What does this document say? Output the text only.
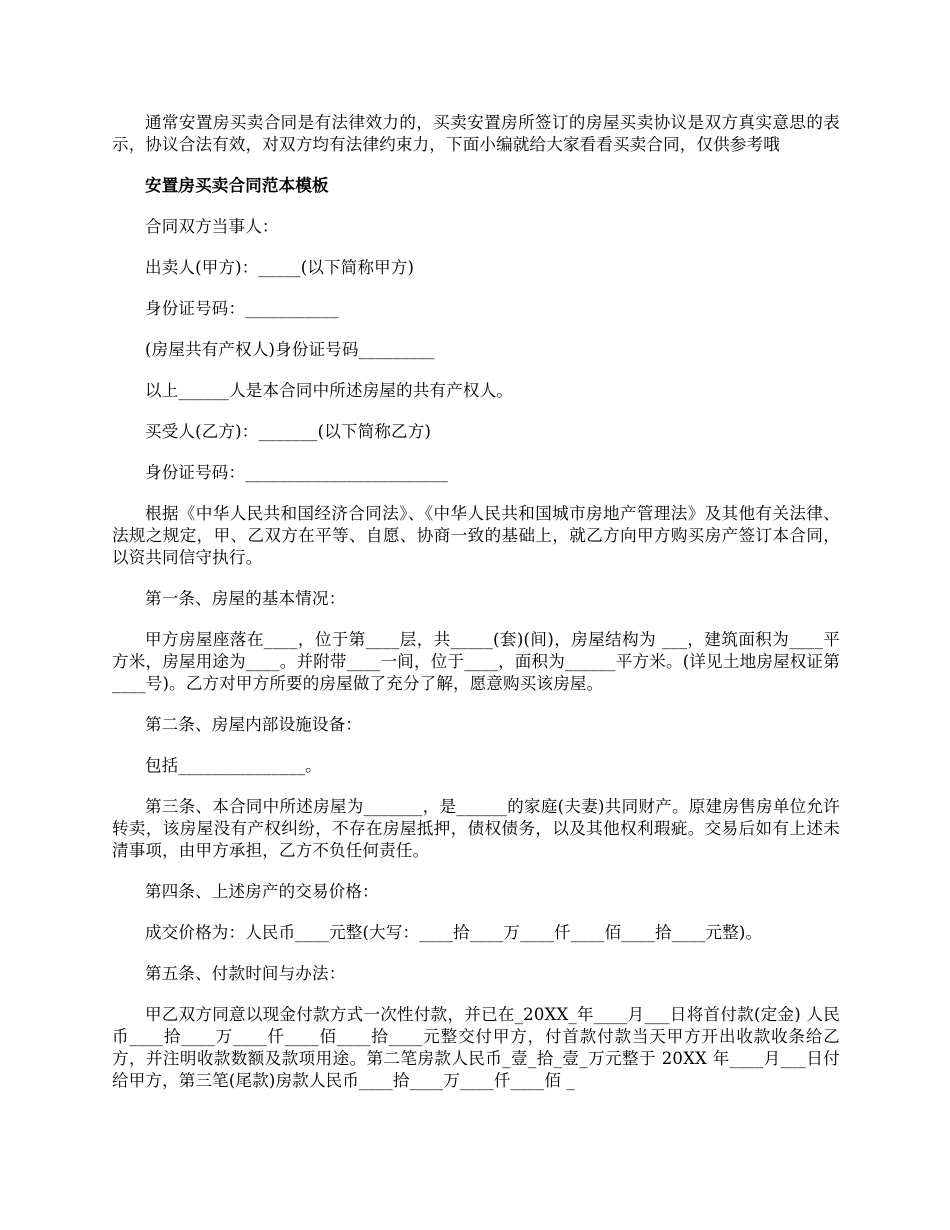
通常安置房买卖合同是有法律效力的，买卖安置房所签订的房屋买卖协议是双方真实意思的表示，协议合法有效，对双方均有法律约束力，下面小编就给大家看看买卖合同，仅供参考哦

安置房买卖合同范本模板

合同双方当事人：

出卖人(甲方)：_____(以下简称甲方)

身份证号码：___________

(房屋共有产权人)身份证号码_________

以上______人是本合同中所述房屋的共有产权人。

买受人(乙方)：_______(以下简称乙方)

身份证号码：________________________

根据《中华人民共和国经济合同法》、《中华人民共和国城市房地产管理法》及其他有关法律、法规之规定，甲、乙双方在平等、自愿、协商一致的基础上，就乙方向甲方购买房产签订本合同，以资共同信守执行。

第一条、房屋的基本情况：

甲方房屋座落在____，位于第____层，共_____(套)(间)，房屋结构为 ___，建筑面积为____平方米，房屋用途为____。并附带____一间，位于____，面积为______平方米。(详见土地房屋权证第____号)。乙方对甲方所要的房屋做了充分了解，愿意购买该房屋。

第二条、房屋内部设施设备：

包括_______________。

第三条、本合同中所述房屋为_______，是______的家庭(夫妻)共同财产。原建房售房单位允许转卖，该房屋没有产权纠纷，不存在房屋抵押，债权债务，以及其他权利瑕疵。交易后如有上述未清事项，由甲方承担，乙方不负任何责任。

第四条、上述房产的交易价格：

成交价格为：人民币____元整(大写：____拾____万____仟____佰____拾____元整)。

第五条、付款时间与办法：

甲乙双方同意以现金付款方式一次性付款，并已在_20XX_年____月___日将首付款(定金) 人民币____拾____万____仟____佰____拾____元整交付甲方，付首款付款当天甲方开出收款收条给乙方，并注明收款数额及款项用途。第二笔房款人民币_壹_拾_壹_万元整于 20XX 年____月___日付给甲方，第三笔(尾款)房款人民币____拾____万____仟____佰 _
